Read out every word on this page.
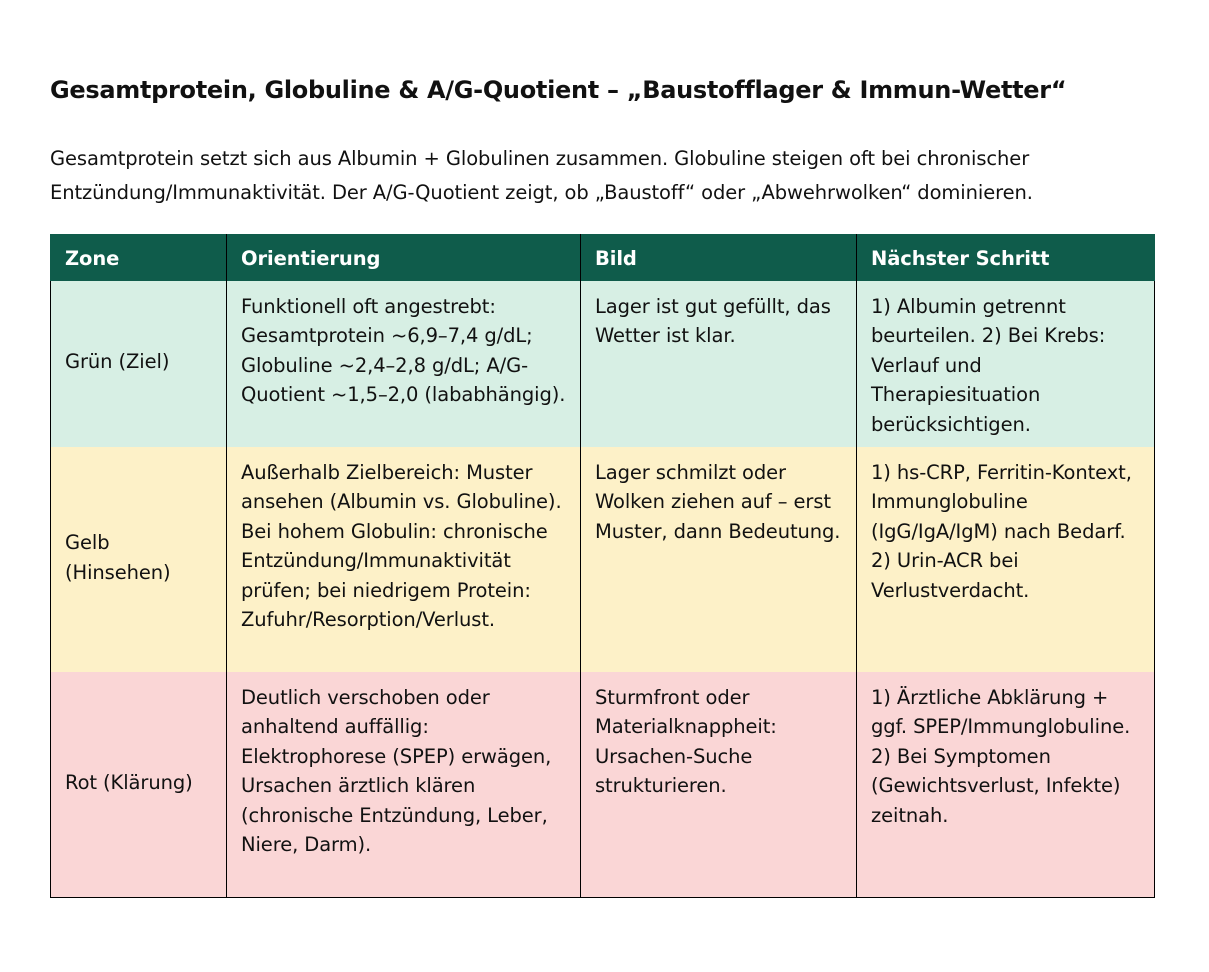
Gesamtprotein, Globuline & A/G-Quotient – „Baustofflager & Immun-Wetter“

Gesamtprotein setzt sich aus Albumin + Globulinen zusammen. Globuline steigen oft bei chronischer Entzündung/Immunaktivität. Der A/G-Quotient zeigt, ob „Baustoff“ oder „Abwehrwolken“ dominieren.

Zone	Orientierung	Bild	Nächster Schritt
Grün (Ziel)	Funktionell oft angestrebt: Gesamtprotein ~6,9–7,4 g/dL; Globuline ~2,4–2,8 g/dL; A/G-Quotient ~1,5–2,0 (lababhängig).	Lager ist gut gefüllt, das Wetter ist klar.	1) Albumin getrennt beurteilen. 2) Bei Krebs: Verlauf und Therapiesituation berücksichtigen.
Gelb (Hinsehen)	Außerhalb Zielbereich: Muster ansehen (Albumin vs. Globuline). Bei hohem Globulin: chronische Entzündung/Immunaktivität prüfen; bei niedrigem Protein: Zufuhr/Resorption/Verlust.	Lager schmilzt oder Wolken ziehen auf – erst Muster, dann Bedeutung.	1) hs-CRP, Ferritin-Kontext, Immunglobuline (IgG/IgA/IgM) nach Bedarf. 2) Urin-ACR bei Verlustverdacht.
Rot (Klärung)	Deutlich verschoben oder anhaltend auffällig: Elektrophorese (SPEP) erwägen, Ursachen ärztlich klären (chronische Entzündung, Leber, Niere, Darm).	Sturmfront oder Materialknappheit: Ursachen-Suche strukturieren.	1) Ärztliche Abklärung + ggf. SPEP/Immunglobuline. 2) Bei Symptomen (Gewichtsverlust, Infekte) zeitnah.
